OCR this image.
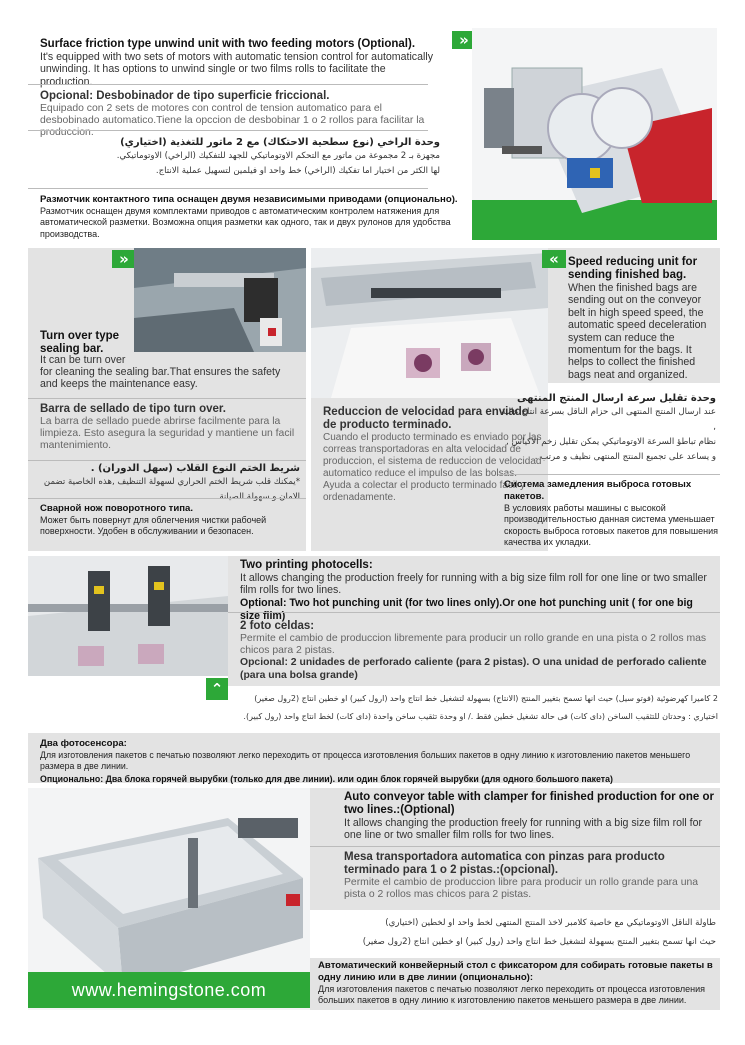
Surface friction type unwind unit with two feeding motors (Optional).
It's equipped with two sets of motors with automatic tension control for automatically unwinding. It has options to unwind single or two films rolls to facilitate the production.
Opcional: Desbobinador de tipo superficie friccional.
Equipado con 2 sets de motores con control de tension automatico para el desbobinado automatico.Tiene la opccion de desbobinar 1 o 2 rollos para facilitar la produccion.
وحدة الراخي (نوع سطحية الاحتكاك) مع 2 ماتور للتغذية (اختياري)
مجهزة بـ 2 مجموعة من ماتور مع التحكم الاوتوماتيكي للجهد للتفكيك (الراخي) الاوتوماتيكي.
لها الكثر من اختيار اما تفكيك (الراخي) خط واحد او فيلمين لتسهيل عملية الانتاج.
Размотчик контактного типа оснащен двумя независимыми приводами (опционально).
Размотчик оснащен двумя комплектами приводов с автоматическим контролем натяжения для автоматической разметки. Возможна опция разметки как одного, так и двух рулонов для удобства производства.
»
»
Turn over type sealing bar.
It can be turn over
for cleaning the sealing bar.That ensures the safety and keeps the maintenance easy.
Barra de sellado de tipo turn over.
La barra de sellado puede abrirse facilmente para la limpieza. Esto asegura la seguridad y mantiene un facil mantenimiento.
شريط الختم النوع القلاب (سهل الدوران) .
*يمكنك قلب شريط الختم الحراري لسهولة التنظيف ,هذه الخاصية تضمن الامان و سهولة الصيانة
Сварной нож поворотного типа.
Может быть повернут для облегчения чистки рабочей поверхности. Удобен в обслуживании и безопасен.
Reduccion de velocidad para enviado de producto terminado.
Cuando el producto terminado es enviado por las correas transportadoras en alta velocidad de produccion, el sistema de reduccion de velocidad automatico reduce el impulso de las bolsas. Ayuda a colectar el producto terminado facil y ordenadamente.
« Speed reducing unit for sending finished bag.
When the finished bags are sending out on the conveyor belt in high speed speed, the automatic speed deceleration system can reduce the momentum for the bags. It helps to collect the finished bags neat and organized.
وحدة تقليل سرعة ارسال المنتج المنتهى
عند ارسال المنتج المنتهى الى حزام الناقل بسرعة انتاج عالية ,
نظام تباطؤ السرعة الاوتوماتيكي يمكن تقليل زخم الاكياس ,
و يساعد على تجميع المنتج المنتهى نظيف و مرتب .
Система замедления выброса готовых пакетов.
В условиях работы машины с высокой производительностью данная система уменьшает скорость выброса готовых пакетов для повышения качества их укладки.
⌃
Two printing photocells:
It allows changing the production freely for running with a big size film roll for one line or two smaller film rolls for two lines.
Optional: Two hot punching unit (for two lines only).Or one hot punching unit ( for one big size film)
2 foto celdas:
Permite el cambio de produccion libremente para producir un rollo grande en una pista o 2 rollos mas chicos para 2 pistas.
Opcional: 2 unidades de perforado caliente (para 2 pistas). O una unidad de perforado caliente (para una bolsa grande)
2 كاميرا كهرضوئية (فوتو سيل) حيث انها تسمح بتغيير المنتج (الانتاج) بسهولة لتشغيل خط انتاج واحد (ارول كبير) او خطين انتاج (2رول صغير)
اختياري : وحدتان للتثقيب الساخن (داى كات) فى حالة تشغيل خطين فقط ./ او وحدة تثقيب ساخن واحدة (داى كات) لخط انتاج واحد (رول كبير).
Два фотосенсора:
Для изготовления пакетов с печатью позволяют легко переходить от процесса изготовления больших пакетов в одну линию к изготовлению пакетов меньшего размера в две линии.
Опционально: Два блока горячей вырубки (только для две линии). или один блок горячей вырубки (для одного большого пакета)
www.hemingstone.com
Auto conveyor table with clamper for finished production for one or two lines.:(Optional)
It allows changing the production freely for running with a big size film roll for one line or two smaller film rolls for two lines.
Mesa transportadora automatica con pinzas para producto terminado para 1 o 2 pistas.:(opcional).
Permite el cambio de produccion libre para producir un rollo grande para una pista o 2 rollos mas chicos para 2 pistas.
طاولة الناقل الاوتوماتيكي مع خاصية كلامبر لاخذ المنتج المنتهى لخط واحد او لخطين (اختياري)
حيث انها تسمح بتغيير المنتج بسهولة لتشغيل خط انتاج واحد (رول كبير) او خطين انتاج (2رول صغير)
Автоматический конвейерный стол с фиксатором для собирать готовые пакеты в одну линию или в две линии (опционально):
Для изготовления пакетов с печатью позволяют легко переходить от процесса изготовления больших пакетов в одну линию к изготовлению пакетов меньшего размера в две линии.
